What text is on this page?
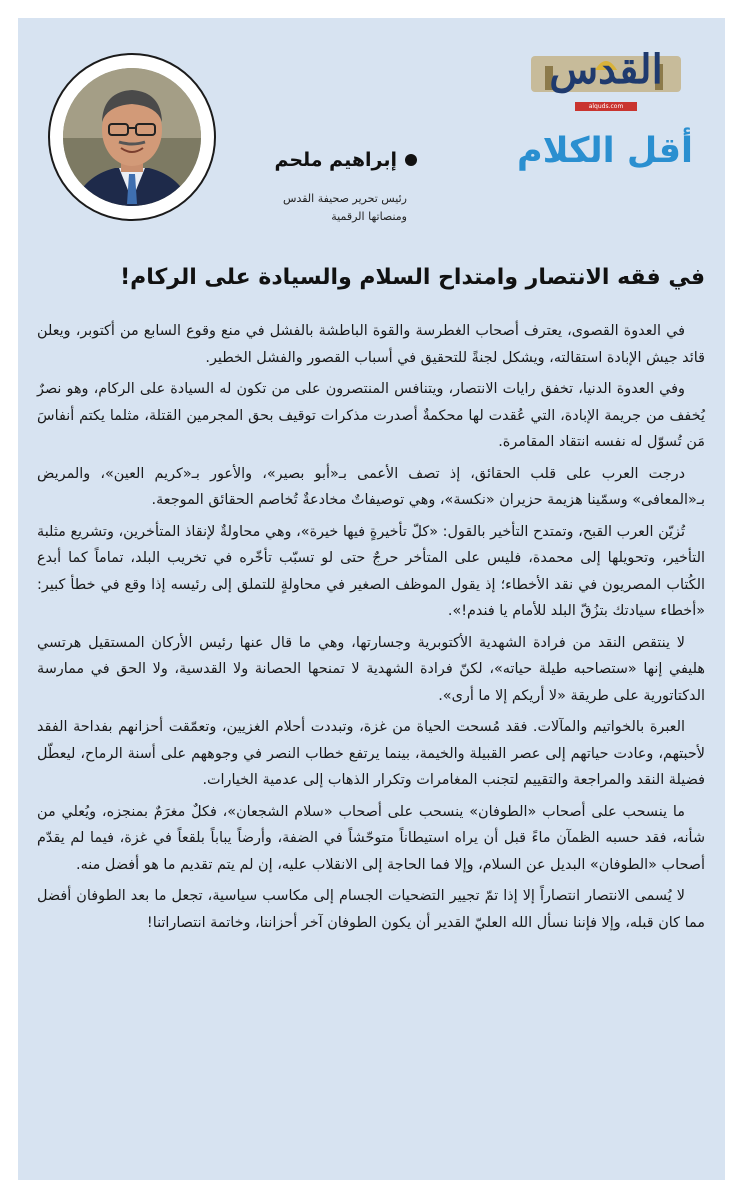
القدس
alquds.com
أقل الكلام
إبراهيم ملحم
رئيس تحرير صحيفة القدس
ومنصاتها الرقمية
في فقه الانتصار وامتداح السلام والسيادة على الركام!

في العدوة القصوى، يعترف أصحاب الغطرسة والقوة الباطشة بالفشل في منع وقوع السابع من أكتوبر، ويعلن قائد جيش الإبادة استقالته، ويشكل لجنةً للتحقيق في أسباب القصور والفشل الخطير.

وفي العدوة الدنيا، تخفق رايات الانتصار، ويتنافس المنتصرون على من تكون له السيادة على الركام، وهو نصرٌ يُخفف من جريمة الإبادة، التي عُقدت لها محكمةٌ أصدرت مذكرات توقيف بحق المجرمين القتلة، مثلما يكتم أنفاسَ مَن تُسوّل له نفسه انتقاد المقامرة.

درجت العرب على قلب الحقائق، إذ تصف الأعمى بـ«أبو بصير»، والأعور بـ«كريم العين»، والمريض بـ«المعافى» وسمّينا هزيمة حزيران «نكسة»، وهي توصيفاتٌ مخادعةٌ تُخاصم الحقائق الموجعة.

تُزيّن العرب القبح، وتمتدح التأخير بالقول: «كلّ تأخيرةٍ فيها خيرة»، وهي محاولةٌ لإنقاذ المتأخرين، وتشريع مثلبة التأخير، وتحويلها إلى محمدة، فليس على المتأخر حرجٌ حتى لو تسبّب تأخّره في تخريب البلد، تماماً كما أبدع الكُتاب المصريون في نقد الأخطاء؛ إذ يقول الموظف الصغير في محاولةٍ للتملق إلى رئيسه إذا وقع في خطأ كبير: «أخطاء سيادتك بتزُقّ البلد للأمام يا فندم!».

لا ينتقص النقد من فرادة الشهدية الأكتوبرية وجسارتها، وهي ما قال عنها رئيس الأركان المستقيل هرتسي هليفي إنها «ستصاحبه طيلة حياته»، لكنّ فرادة الشهدية لا تمنحها الحصانة ولا القدسية، ولا الحق في ممارسة الدكتاتورية على طريقة «لا أريكم إلا ما أرى».

العبرة بالخواتيم والمآلات. فقد مُسحت الحياة من غزة، وتبددت أحلام الغزيين، وتعمّقت أحزانهم بفداحة الفقد لأحبتهم، وعادت حياتهم إلى عصر القبيلة والخيمة، بينما يرتفع خطاب النصر في وجوههم على أسنة الرماح، ليعطّل فضيلة النقد والمراجعة والتقييم لتجنب المغامرات وتكرار الذهاب إلى عدمية الخيارات.

ما ينسحب على أصحاب «الطوفان» ينسحب على أصحاب «سلام الشجعان»، فكلٌ مغرَمٌ بمنجزه، ويُعلي من شأنه، فقد حسبه الظمآن ماءً قبل أن يراه استيطاناً متوحّشاً في الضفة، وأرضاً يباباً بلقعاً في غزة، فيما لم يقدّم أصحاب «الطوفان» البديل عن السلام، وإلا فما الحاجة إلى الانقلاب عليه، إن لم يتم تقديم ما هو أفضل منه.

لا يُسمى الانتصار انتصاراً إلا إذا تمّ تجيير التضحيات الجسام إلى مكاسب سياسية، تجعل ما بعد الطوفان أفضل مما كان قبله، وإلا فإننا نسأل الله العليّ القدير أن يكون الطوفان آخر أحزاننا، وخاتمة انتصاراتنا!
